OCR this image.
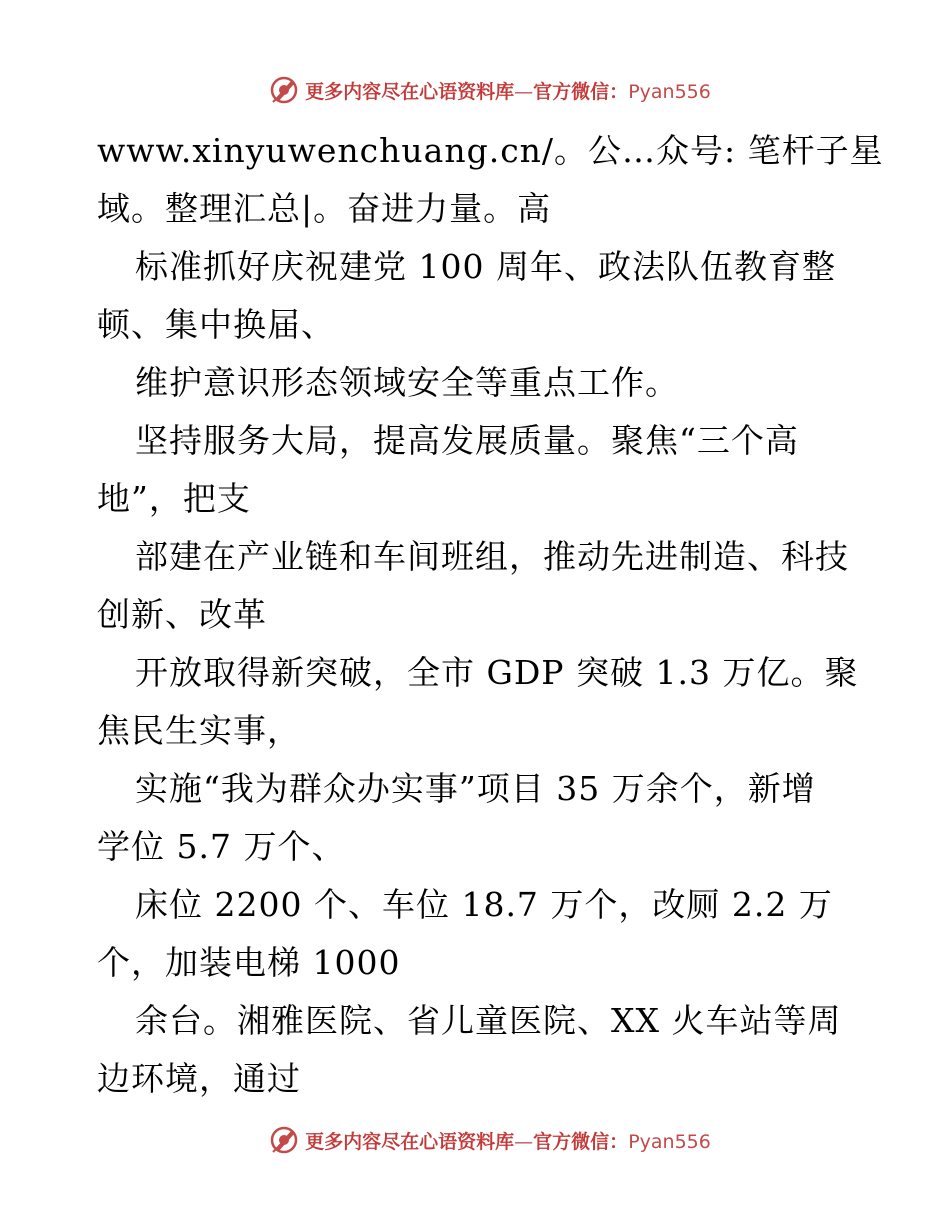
更多内容尽在心语资料库—官方微信：Pyan556
www.xinyuwenchuang.cn/。公…众号: 笔杆子星
域。整理汇总|。奋进力量。高
标准抓好庆祝建党 100 周年、政法队伍教育整
顿、集中换届、
维护意识形态领域安全等重点工作。
坚持服务大局，提高发展质量。聚焦“三个高
地”，把支
部建在产业链和车间班组，推动先进制造、科技
创新、改革
开放取得新突破，全市 GDP 突破 1.3 万亿。聚
焦民生实事，
实施“我为群众办实事”项目 35 万余个，新增
学位 5.7 万个、
床位 2200 个、车位 18.7 万个，改厕 2.2 万
个，加装电梯 1000
余台。湘雅医院、省儿童医院、XX 火车站等周
边环境，通过
更多内容尽在心语资料库—官方微信：Pyan556
